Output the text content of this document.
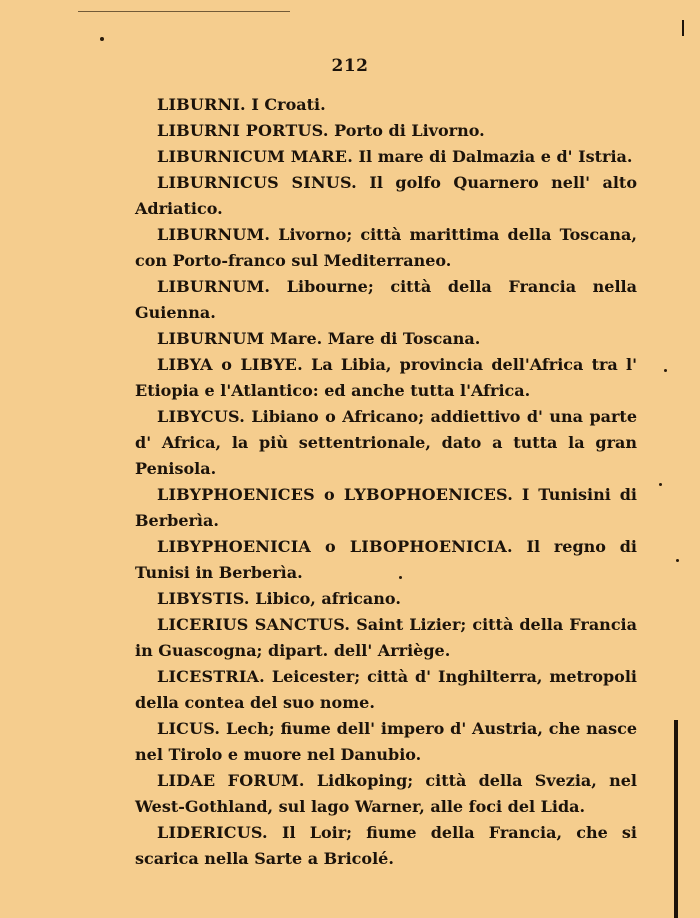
212

LIBURNI. I Croati.

LIBURNI PORTUS. Porto di Livorno.

LIBURNICUM MARE. Il mare di Dalmazia e d' Istria.

LIBURNICUS SINUS. Il golfo Quarnero nell' alto Adriatico.

LIBURNUM. Livorno; città marittima della Toscana, con Porto-franco sul Mediterraneo.

LIBURNUM. Libourne; città della Francia nella Guienna.

LIBURNUM Mare. Mare di Toscana.

LIBYA o LIBYE. La Libia, provincia dell'Africa tra l' Etiopia e l'Atlantico: ed anche tutta l'Africa.

LIBYCUS. Libiano o Africano; addiettivo d' una parte d' Africa, la più settentrionale, dato a tutta la gran Penisola.

LIBYPHOENICES o LYBOPHOENICES. I Tunisini di Berberìa.

LIBYPHOENICIA o LIBOPHOENICIA. Il regno di Tunisi in Berberìa.

LIBYSTIS. Libico, africano.

LICERIUS SANCTUS. Saint Lizier; città della Francia in Guascogna; dipart. dell' Arriège.

LICESTRIA. Leicester; città d' Inghilterra, metropoli della contea del suo nome.

LICUS. Lech; fiume dell' impero d' Austria, che nasce nel Tirolo e muore nel Danubio.

LIDAE FORUM. Lidkoping; città della Svezia, nel West-Gothland, sul lago Warner, alle foci del Lida.

LIDERICUS. Il Loir; fiume della Francia, che si scarica nella Sarte a Bricolé.
